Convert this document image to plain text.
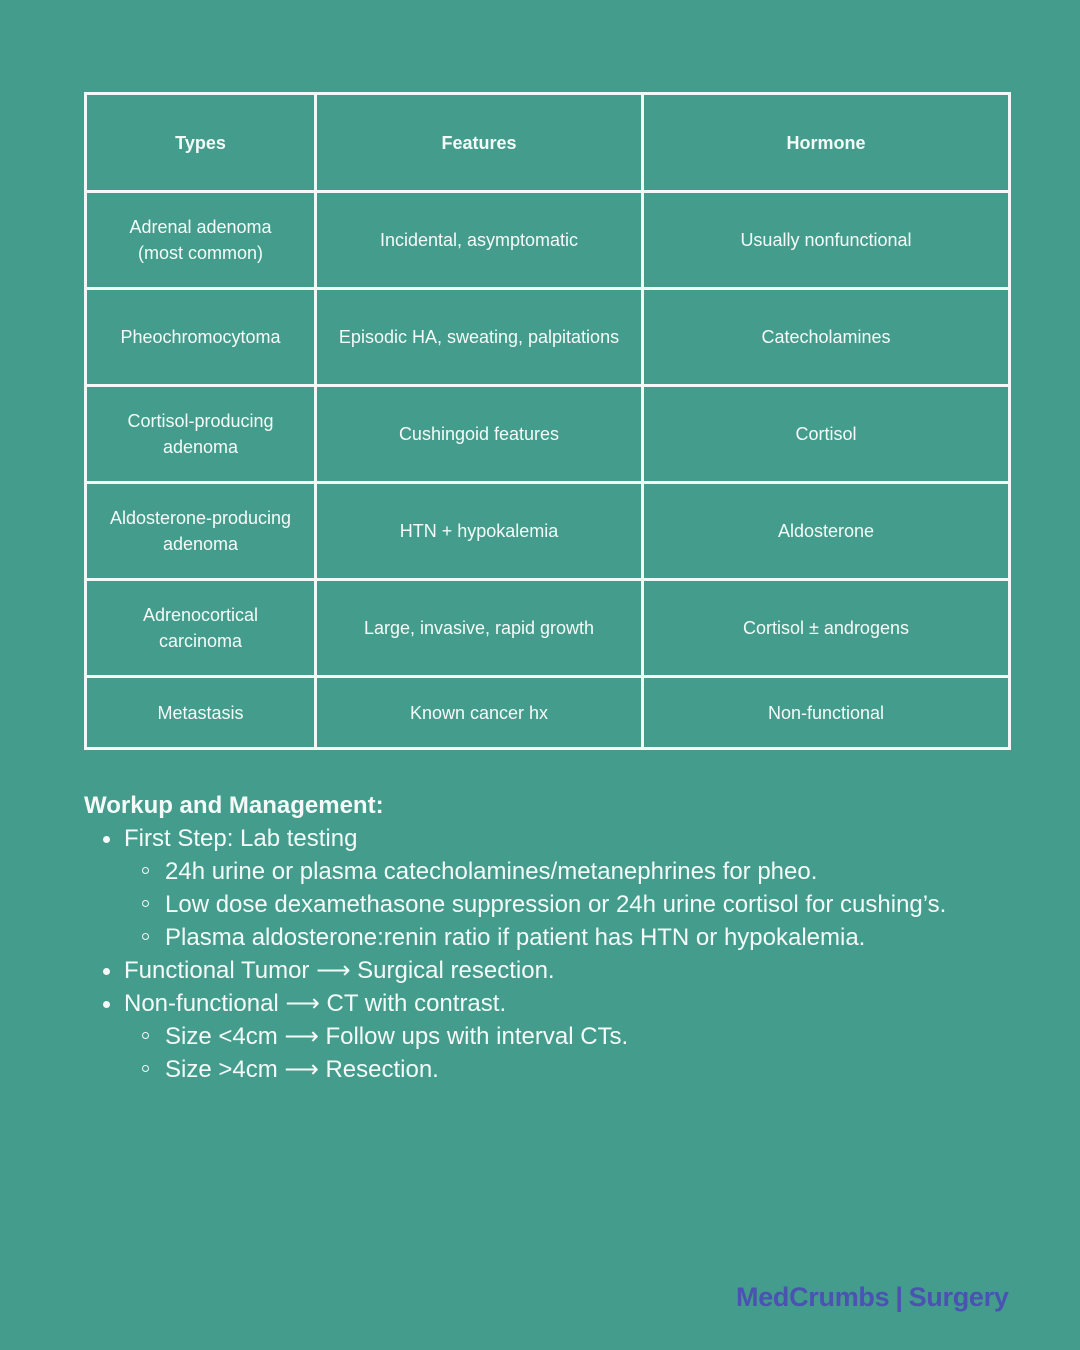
Types	Features	Hormone
Adrenal adenoma (most common)	Incidental, asymptomatic	Usually nonfunctional
Pheochromocytoma	Episodic HA, sweating, palpitations	Catecholamines
Cortisol-producing adenoma	Cushingoid features	Cortisol
Aldosterone-producing adenoma	HTN + hypokalemia	Aldosterone
Adrenocortical carcinoma	Large, invasive, rapid growth	Cortisol ± androgens
Metastasis	Known cancer hx	Non-functional
Workup and Management:
First Step: Lab testing
24h urine or plasma catecholamines/metanephrines for pheo.
Low dose dexamethasone suppression or 24h urine cortisol for cushing’s.
Plasma aldosterone:renin ratio if patient has HTN or hypokalemia.
Functional Tumor ⟶ Surgical resection.
Non-functional ⟶ CT with contrast.
Size <4cm ⟶ Follow ups with interval CTs.
Size >4cm ⟶ Resection.
MedCrumbs | Surgery
